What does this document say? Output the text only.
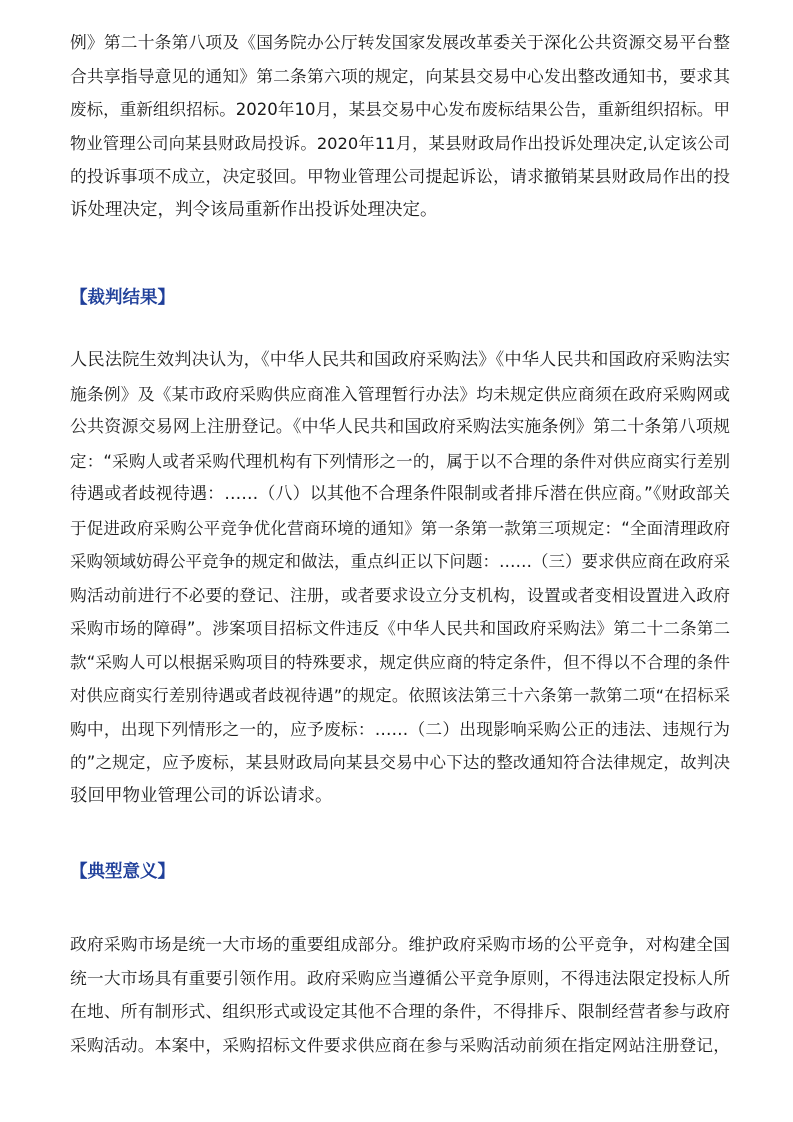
例》第二十条第八项及《国务院办公厅转发国家发展改革委关于深化公共资源交易平台整
合共享指导意见的通知》第二条第六项的规定，向某县交易中心发出整改通知书，要求其
废标，重新组织招标。2020年10月，某县交易中心发布废标结果公告，重新组织招标。甲
物业管理公司向某县财政局投诉。2020年11月，某县财政局作出投诉处理决定,认定该公司
的投诉事项不成立，决定驳回。甲物业管理公司提起诉讼，请求撤销某县财政局作出的投
诉处理决定，判令该局重新作出投诉处理决定。
【裁判结果】
人民法院生效判决认为，《中华人民共和国政府采购法》《中华人民共和国政府采购法实
施条例》及《某市政府采购供应商准入管理暂行办法》均未规定供应商须在政府采购网或
公共资源交易网上注册登记。《中华人民共和国政府采购法实施条例》第二十条第八项规
定：“采购人或者采购代理机构有下列情形之一的，属于以不合理的条件对供应商实行差别
待遇或者歧视待遇：……（八）以其他不合理条件限制或者排斥潜在供应商。”《财政部关
于促进政府采购公平竞争优化营商环境的通知》第一条第一款第三项规定：“全面清理政府
采购领域妨碍公平竞争的规定和做法，重点纠正以下问题：……（三）要求供应商在政府采
购活动前进行不必要的登记、注册，或者要求设立分支机构，设置或者变相设置进入政府
采购市场的障碍”。涉案项目招标文件违反《中华人民共和国政府采购法》第二十二条第二
款“采购人可以根据采购项目的特殊要求，规定供应商的特定条件，但不得以不合理的条件
对供应商实行差别待遇或者歧视待遇”的规定。依照该法第三十六条第一款第二项“在招标采
购中，出现下列情形之一的，应予废标：……（二）出现影响采购公正的违法、违规行为
的”之规定，应予废标，某县财政局向某县交易中心下达的整改通知符合法律规定，故判决
驳回甲物业管理公司的诉讼请求。
【典型意义】
政府采购市场是统一大市场的重要组成部分。维护政府采购市场的公平竞争，对构建全国
统一大市场具有重要引领作用。政府采购应当遵循公平竞争原则，不得违法限定投标人所
在地、所有制形式、组织形式或设定其他不合理的条件，不得排斥、限制经营者参与政府
采购活动。本案中，采购招标文件要求供应商在参与采购活动前须在指定网站注册登记，
